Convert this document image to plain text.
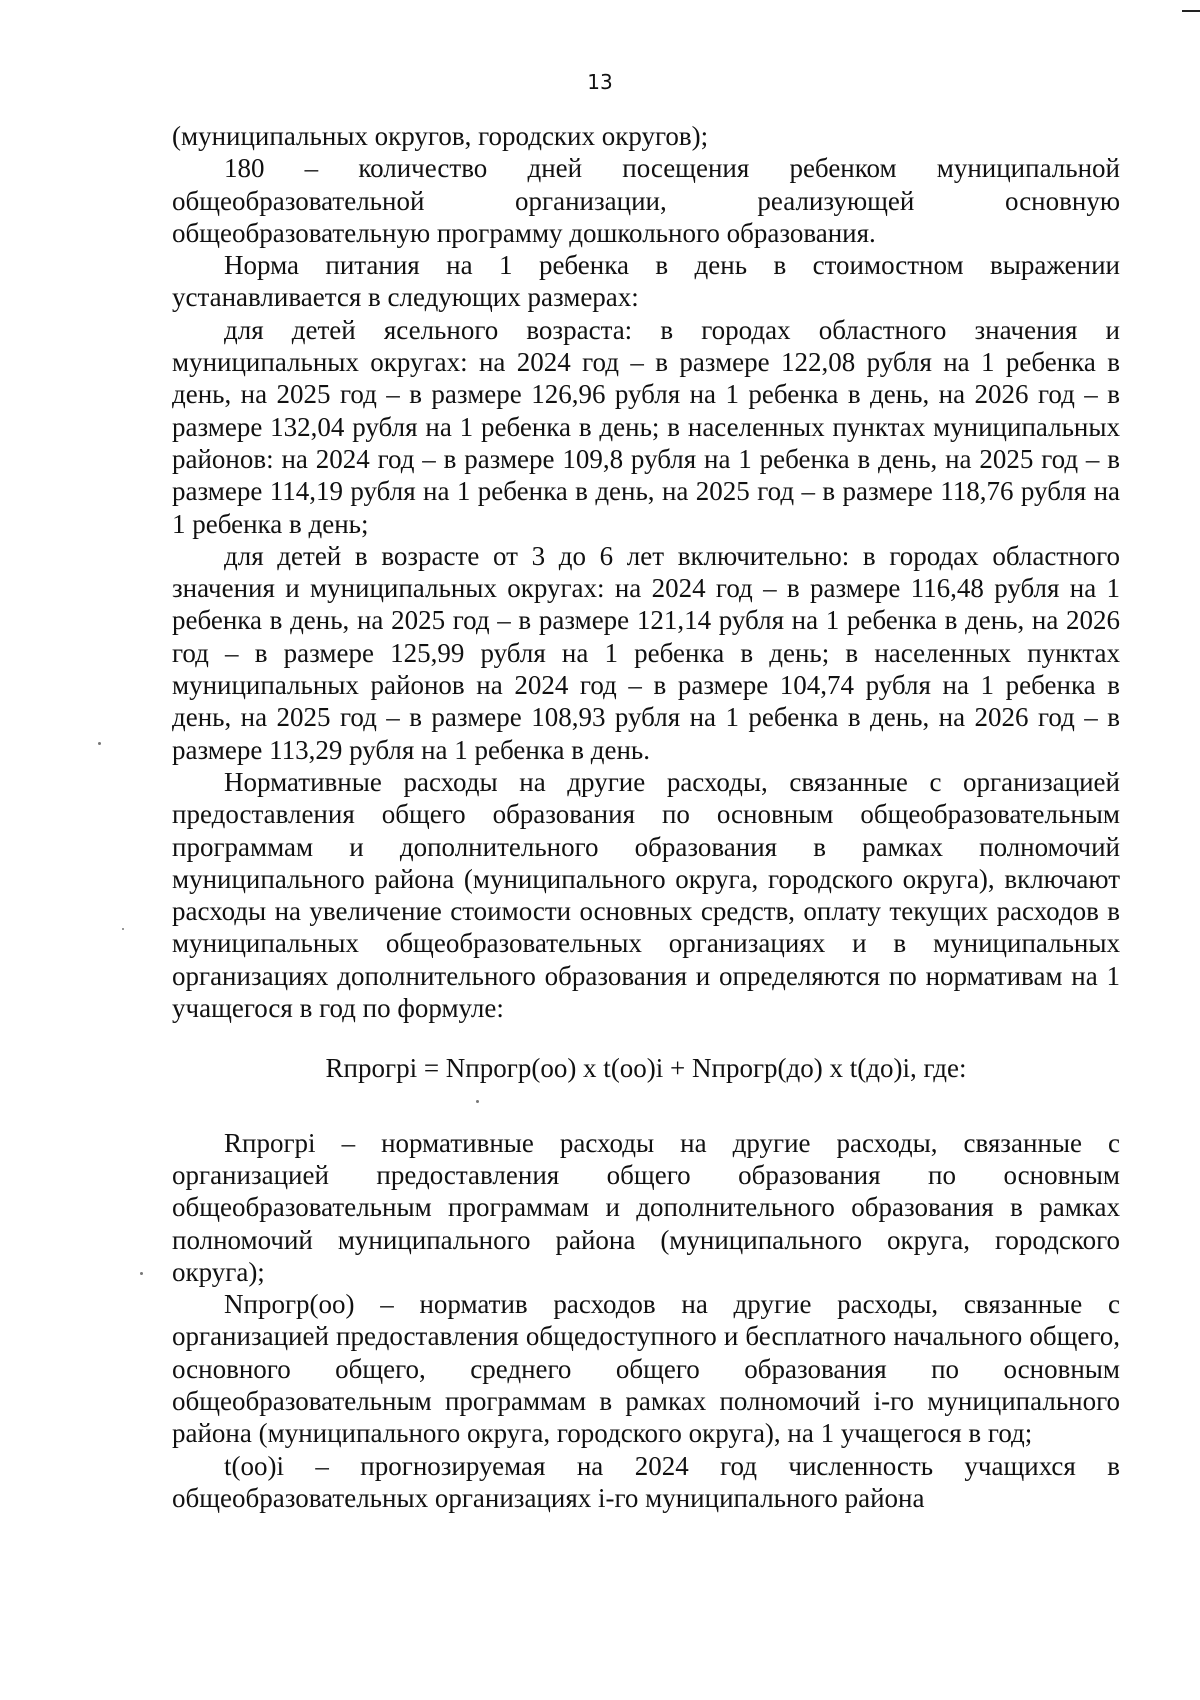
13

(муниципальных округов, городских округов);

180 – количество дней посещения ребенком муниципальной общеобразовательной организации, реализующей основную общеобразовательную программу дошкольного образования.

Норма питания на 1 ребенка в день в стоимостном выражении устанавливается в следующих размерах:

для детей ясельного возраста: в городах областного значения и муниципальных округах: на 2024 год – в размере 122,08 рубля на 1 ребенка в день, на 2025 год – в размере 126,96 рубля на 1 ребенка в день, на 2026 год – в размере 132,04 рубля на 1 ребенка в день; в населенных пунктах муниципальных районов: на 2024 год – в размере 109,8 рубля на 1 ребенка в день, на 2025 год – в размере 114,19 рубля на 1 ребенка в день, на 2025 год – в размере 118,76 рубля на 1 ребенка в день;

для детей в возрасте от 3 до 6 лет включительно: в городах областного значения и муниципальных округах: на 2024 год – в размере 116,48 рубля на 1 ребенка в день, на 2025 год – в размере 121,14 рубля на 1 ребенка в день, на 2026 год – в размере 125,99 рубля на 1 ребенка в день; в населенных пунктах муниципальных районов на 2024 год – в размере 104,74 рубля на 1 ребенка в день, на 2025 год – в размере 108,93 рубля на 1 ребенка в день, на 2026 год – в размере 113,29 рубля на 1 ребенка в день.

Нормативные расходы на другие расходы, связанные с организацией предоставления общего образования по основным общеобразовательным программам и дополнительного образования в рамках полномочий муниципального района (муниципального округа, городского округа), включают расходы на увеличение стоимости основных средств, оплату текущих расходов в муниципальных общеобразовательных организациях и в муниципальных организациях дополнительного образования и определяются по нормативам на 1 учащегося в год по формуле:

Rпрогрi = Nпрогр(оо) x t(оо)i + Nпрогр(до) x t(до)i, где:

Rпрогрi – нормативные расходы на другие расходы, связанные с организацией предоставления общего образования по основным общеобразовательным программам и дополнительного образования в рамках полномочий муниципального района (муниципального округа, городского округа);

Nпрогр(оо) – норматив расходов на другие расходы, связанные с организацией предоставления общедоступного и бесплатного начального общего, основного общего, среднего общего образования по основным общеобразовательным программам в рамках полномочий i-го муниципального района (муниципального округа, городского округа), на 1 учащегося в год;

t(оо)i – прогнозируемая на 2024 год численность учащихся в общеобразовательных организациях i-го муниципального района
